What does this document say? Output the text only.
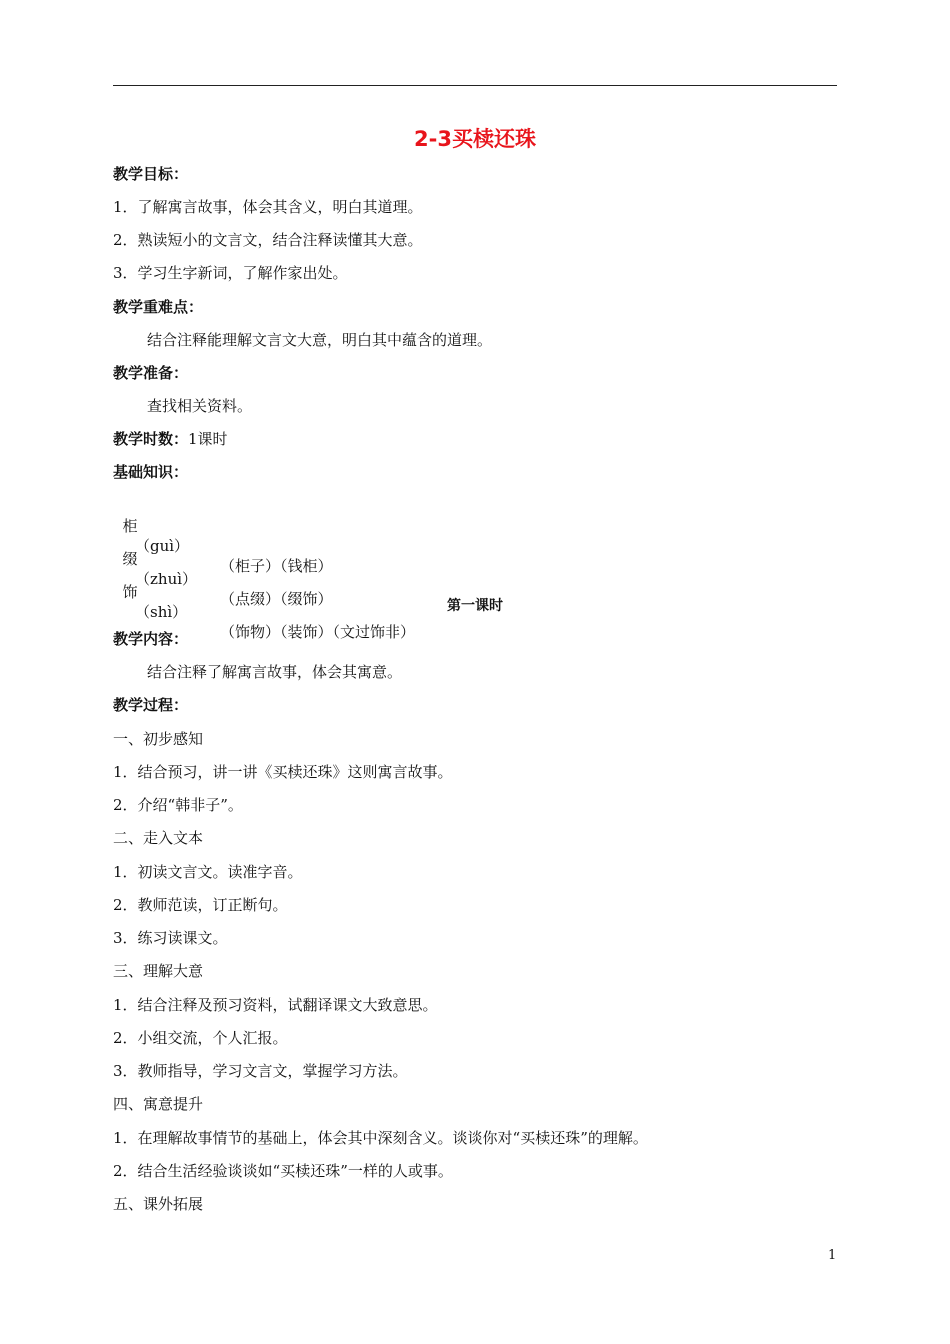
2-3买椟还珠
教学目标：
1．了解寓言故事，体会其含义，明白其道理。
2．熟读短小的文言文，结合注释读懂其大意。
3．学习生字新词，了解作家出处。
教学重难点：
结合注释能理解文言文大意，明白其中蕴含的道理。
教学准备：
查找相关资料。
教学时数：1课时
基础知识：

柜

（guì）

（柜子）（钱柜）

缀

（zhuì）

（点缀）（缀饰）

饰

（shì）

（饰物）（装饰）（文过饰非）

第一课时
教学内容：
结合注释了解寓言故事，体会其寓意。
教学过程：
一、初步感知
1．结合预习，讲一讲《买椟还珠》这则寓言故事。
2．介绍“韩非子”。
二、走入文本
1．初读文言文。读准字音。
2．教师范读，订正断句。
3．练习读课文。
三、理解大意
1．结合注释及预习资料，试翻译课文大致意思。
2．小组交流，个人汇报。
3．教师指导，学习文言文，掌握学习方法。
四、寓意提升
1．在理解故事情节的基础上，体会其中深刻含义。谈谈你对“买椟还珠”的理解。
2．结合生活经验谈谈如“买椟还珠”一样的人或事。
五、课外拓展
1
